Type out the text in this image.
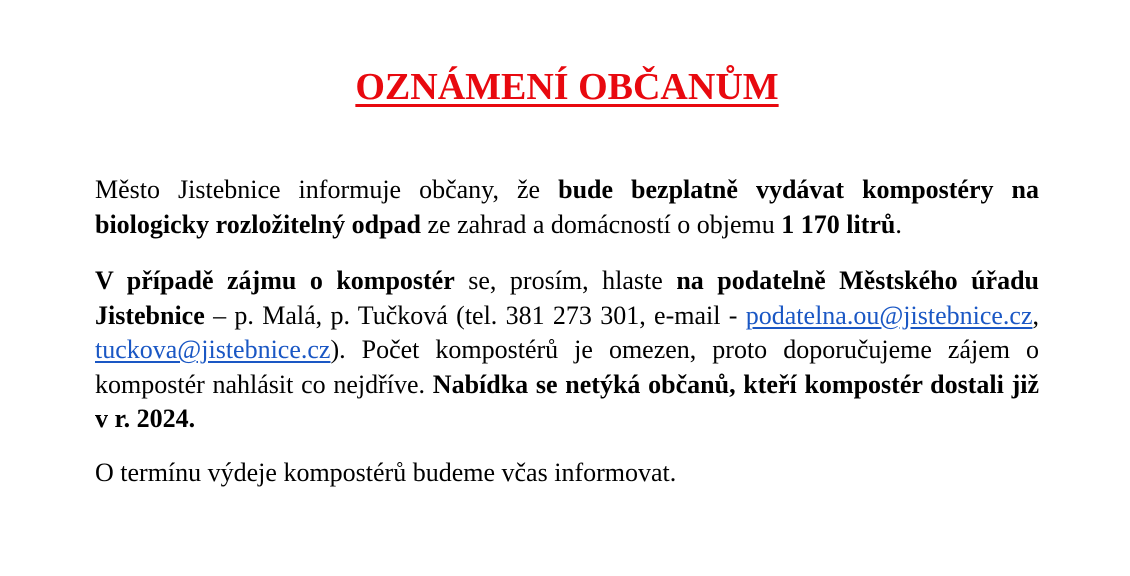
OZNÁMENÍ OBČANŮM

Město Jistebnice informuje občany, že bude bezplatně vydávat kompostéry na biologicky rozložitelný odpad ze zahrad a domácností o objemu 1 170 litrů.

V případě zájmu o kompostér se, prosím, hlaste na podatelně Městského úřadu Jistebnice – p. Malá, p. Tučková (tel. 381 273 301, e-mail - podatelna.ou@jistebnice.cz, tuckova@jistebnice.cz). Počet kompostérů je omezen, proto doporučujeme zájem o kompostér nahlásit co nejdříve. Nabídka se netýká občanů, kteří kompostér dostali již v r. 2024.

O termínu výdeje kompostérů budeme včas informovat.
